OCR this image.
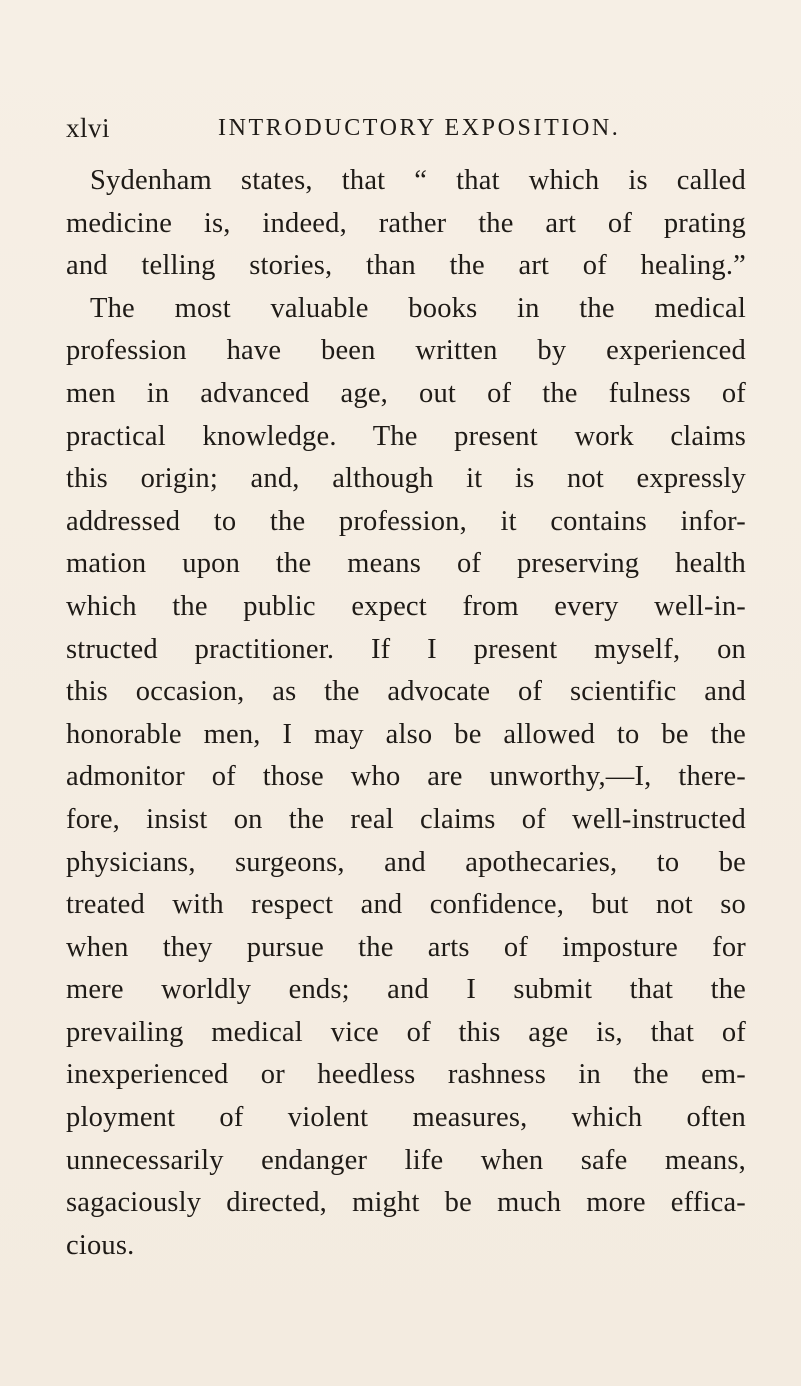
xlvi	INTRODUCTORY EXPOSITION.
Sydenham states, that “ that which is called
medicine is, indeed, rather the art of prating
and telling stories, than the art of healing.”
The most valuable books in the medical
profession have been written by experienced
men in advanced age, out of the fulness of
practical knowledge. The present work claims
this origin; and, although it is not expressly
addressed to the profession, it contains infor-
mation upon the means of preserving health
which the public expect from every well-in-
structed practitioner. If I present myself, on
this occasion, as the advocate of scientific and
honorable men, I may also be allowed to be the
admonitor of those who are unworthy,—I, there-
fore, insist on the real claims of well-instructed
physicians, surgeons, and apothecaries, to be
treated with respect and confidence, but not so
when they pursue the arts of imposture for
mere worldly ends; and I submit that the
prevailing medical vice of this age is, that of
inexperienced or heedless rashness in the em-
ployment of violent measures, which often
unnecessarily endanger life when safe means,
sagaciously directed, might be much more effica-
cious.
